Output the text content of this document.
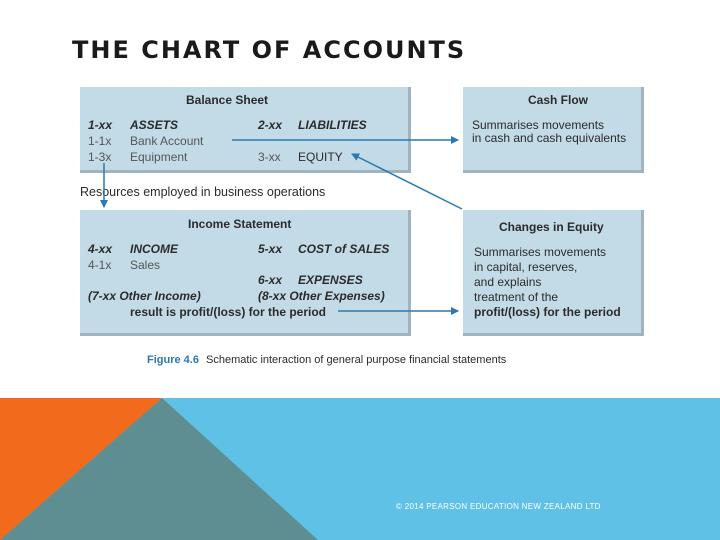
THE CHART OF ACCOUNTS
Balance Sheet
1-xx ASSETS
1-1x Bank Account
1-3x Equipment
2-xx LIABILITIES
3-xx EQUITY
Resources employed in business operations
Cash Flow
Summarises movements
in cash and cash equivalents
Income Statement
4-xx INCOME
4-1x Sales
5-xx COST of SALES
6-xx EXPENSES
(7-xx Other Income)	(8-xx Other Expenses)
result is profit/(loss) for the period
Changes in Equity
Summarises movements
in capital, reserves,
and explains
treatment of the
profit/(loss) for the period
Figure 4.6 Schematic interaction of general purpose financial statements
© 2014 PEARSON EDUCATION NEW ZEALAND LTD
